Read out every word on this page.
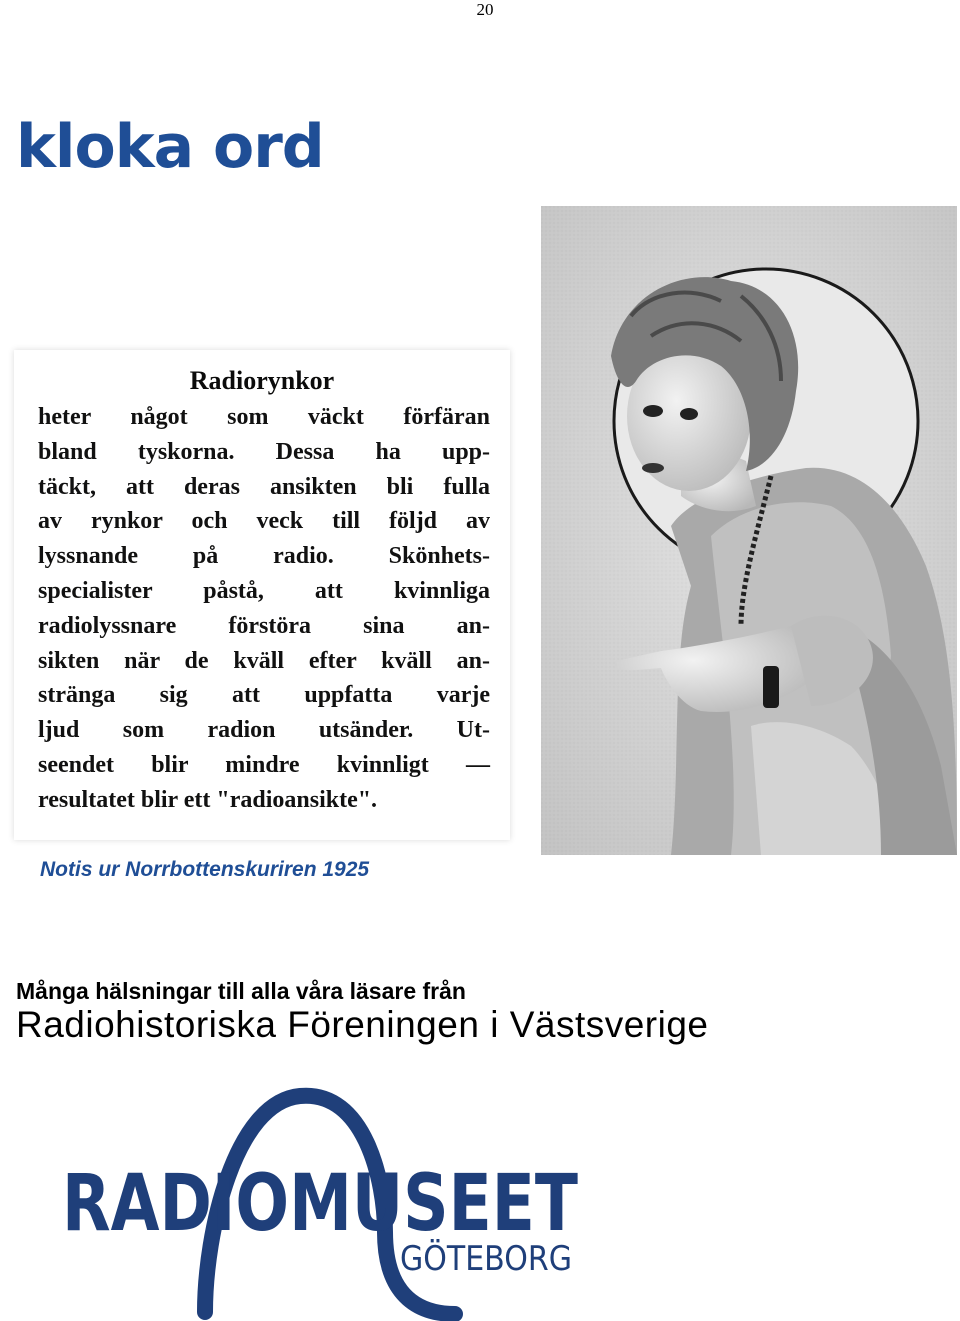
20
kloka ord
Radiorynkor
heter något som väckt förfäran
bland tyskorna. Dessa ha upp-
täckt, att deras ansikten bli fulla
av rynkor och veck till följd av
lyssnande på radio. Skönhets-
specialister påstå, att kvinnliga
radiolyssnare förstöra sina an-
sikten när de kväll efter kväll an-
stränga sig att uppfatta varje
ljud som radion utsänder. Ut-
seendet blir mindre kvinnligt —
resultatet blir ett "radioansikte".
Notis ur Norrbottenskuriren 1925
Många hälsningar till alla våra läsare från
Radiohistoriska Föreningen i Västsverige
RADIOMUSEET
GÖTEBORG
